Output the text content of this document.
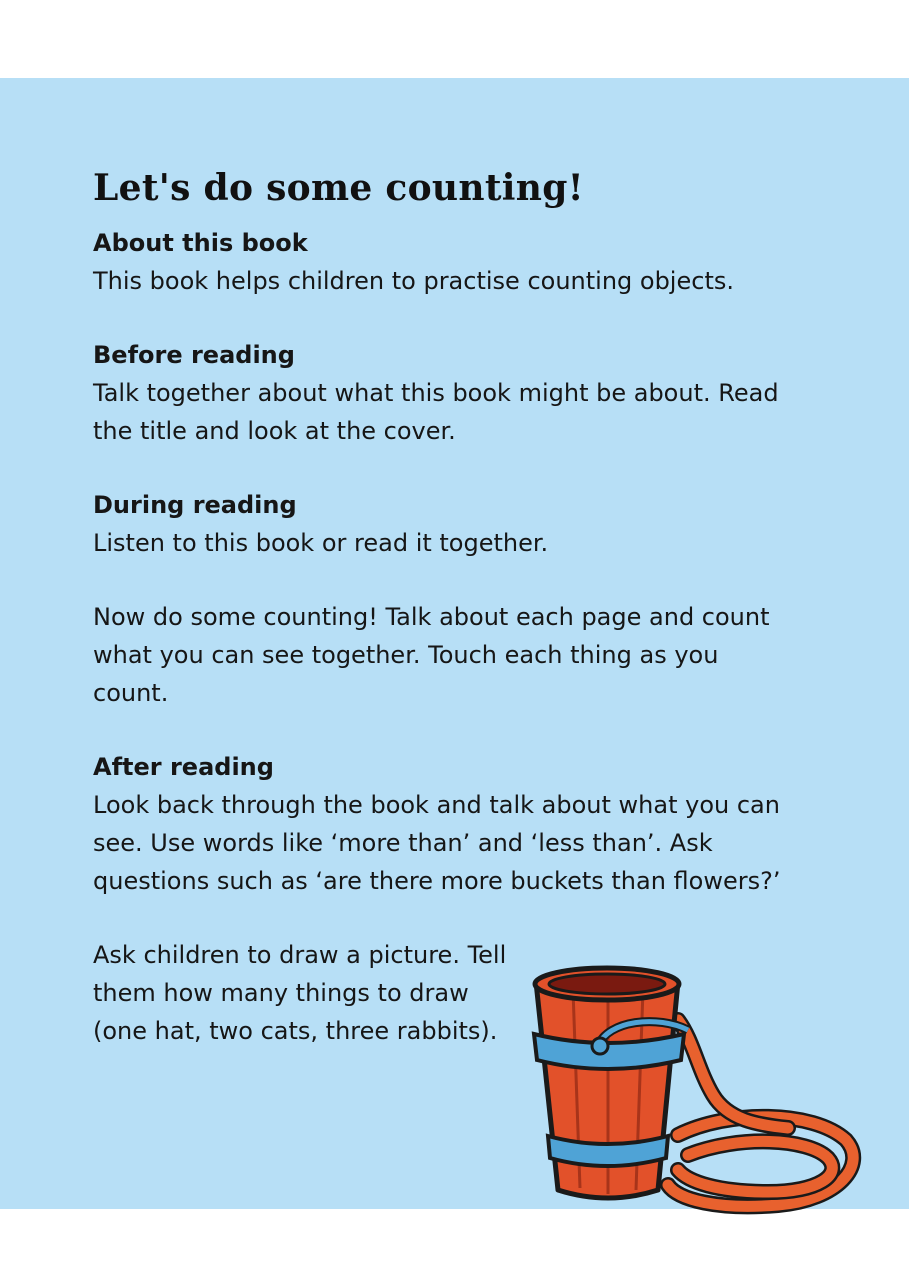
Let's do some counting!

About this book

This book helps children to practise counting objects.

Before reading

Talk together about what this book might be about. Read the title and look at the cover.

During reading

Listen to this book or read it together.

Now do some counting! Talk about each page and count what you can see together. Touch each thing as you count.

After reading

Look back through the book and talk about what you can see. Use words like ‘more than’ and ‘less than’. Ask questions such as ‘are there more buckets than flowers?’

Ask children to draw a picture. Tell them how many things to draw (one hat, two cats, three rabbits).
